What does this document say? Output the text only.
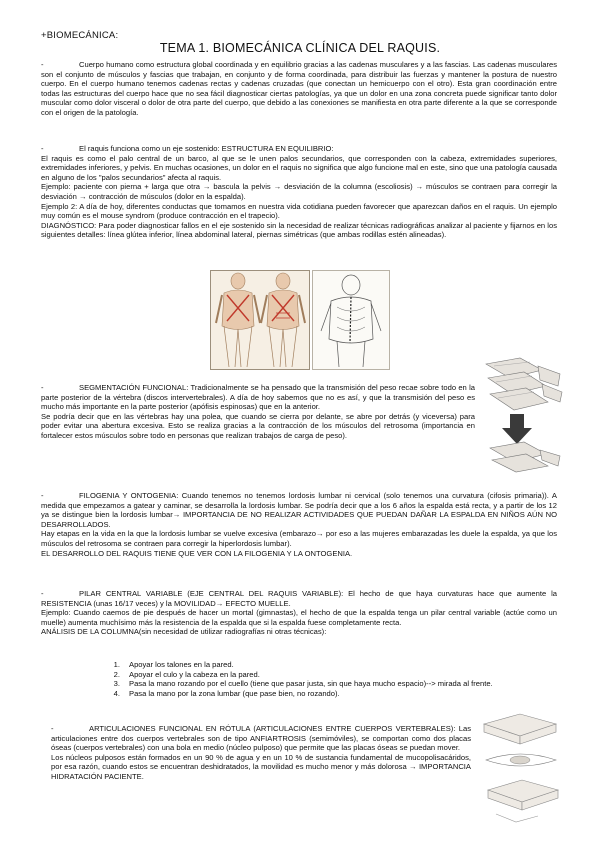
+BIOMECÁNICA:
TEMA 1. BIOMECÁNICA CLÍNICA DEL RAQUIS.

-	Cuerpo humano como estructura global coordinada y en equilibrio gracias a las cadenas musculares y a las fascias. Las cadenas musculares son el conjunto de músculos y fascias que trabajan, en conjunto y de forma coordinada, para distribuir las fuerzas y mantener la postura de nuestro cuerpo. En el cuerpo humano tenemos cadenas rectas y cadenas cruzadas (que conectan un hemicuerpo con el otro). Esta gran coordinación entre todas las estructuras del cuerpo hace que no sea fácil diagnosticar ciertas patologías, ya que un dolor en una zona concreta puede significar tanto dolor muscular como dolor visceral o dolor de otra parte del cuerpo, que debido a las conexiones se manifiesta en otra parte diferente a la que se corresponde con el origen de la patología.

-	El raquis funciona como un eje sostenido: ESTRUCTURA EN EQUILIBRIO:

El raquis es como el palo central de un barco, al que se le unen palos secundarios, que corresponden con la cabeza, extremidades superiores, extremidades inferiores, y pelvis. En muchas ocasiones, un dolor en el raquis no significa que algo funcione mal en este, sino que una patología causada en alguno de los "palos secundarios" afecta al raquis.

Ejemplo: paciente con pierna + larga que otra → bascula la pelvis → desviación de la columna (escoliosis) → músculos se contraen para corregir la desviación → contracción de músculos (dolor en la espalda).

Ejemplo 2: A día de hoy, diferentes conductas que tomamos en nuestra vida cotidiana pueden favorecer que aparezcan daños en el raquis. Un ejemplo muy común es el mouse syndrom (produce contracción en el trapecio).

DIAGNÓSTICO: Para poder diagnosticar fallos en el eje sostenido sin la necesidad de realizar técnicas radiográficas analizar al paciente y fijarnos en los siguientes detalles: línea glútea inferior, línea abdominal lateral, piernas simétricas (que ambas rodillas estén alineadas).

-	SEGMENTACIÓN FUNCIONAL: Tradicionalmente se ha pensado que la transmisión del peso recae sobre todo en la parte posterior de la vértebra (discos intervertebrales). A día de hoy sabemos que no es así, y que la transmisión del peso es mucho más importante en la parte posterior (apófisis espinosas) que en la anterior.

Se podría decir que en las vértebras hay una polea, que cuando se cierra por delante, se abre por detrás (y viceversa) para poder evitar una abertura excesiva. Esto se realiza gracias a la contracción de los músculos del retrosoma (importancia en fortalecer estos músculos sobre todo en personas que realizan trabajos de carga de peso).

-	FILOGENIA Y ONTOGENIA: Cuando tenemos no tenemos lordosis lumbar ni cervical (solo tenemos una curvatura (cifosis primaria)). A medida que empezamos a gatear y caminar, se desarrolla la lordosis lumbar. Se podría decir que a los 6 años la espalda está recta, y a partir de los 12 ya se distingue bien la lordosis lumbar→ IMPORTANCIA DE NO REALIZAR ACTIVIDADES QUE PUEDAN DAÑAR LA ESPALDA EN NIÑOS AÚN NO DESARROLLADOS.

Hay etapas en la vida en la que la lordosis lumbar se vuelve excesiva (embarazo→ por eso a las mujeres embarazadas les duele la espalda, ya que los músculos del retrosoma se contraen para corregir la hiperlordosis lumbar).

EL DESARROLLO DEL RAQUIS TIENE QUE VER CON LA FILOGENIA Y LA ONTOGENIA.

-	PILAR CENTRAL VARIABLE (EJE CENTRAL DEL RAQUIS VARIABLE): El hecho de que haya curvaturas hace que aumente la RESISTENCIA (unas 16/17 veces) y la MOVILIDAD→ EFECTO MUELLE.

Ejemplo: Cuando caemos de pie después de hacer un mortal (gimnastas), el hecho de que la espalda tenga un pilar central variable (actúe como un muelle) aumenta muchísimo más la resistencia de la espalda que si la espalda fuese completamente recta.

ANÁLISIS DE LA COLUMNA(sin necesidad de utilizar radiografías ni otras técnicas):

1.	Apoyar los talones en la pared.
2.	Apoyar el culo y la cabeza en la pared.
3.	Pasa la mano rozando por el cuello (tiene que pasar justa, sin que haya mucho espacio)--> mirada al frente.
4.	Pasa la mano por la zona lumbar (que pase bien, no rozando).

-	ARTICULACIONES FUNCIONAL EN RÓTULA (ARTICULACIONES ENTRE CUERPOS VERTEBRALES): Las articulaciones entre dos cuerpos vertebrales son de tipo ANFIARTROSIS (semimóviles), se comportan como dos placas óseas (cuerpos vertebrales) con una bola en medio (núcleo pulposo) que permite que las placas óseas se puedan mover.

Los núcleos pulposos están formados en un 90 % de agua y en un 10 % de sustancia fundamental de mucopolisacáridos, por esa razón, cuando estos se encuentran deshidratados, la movilidad es mucho menor y más dolorosa → IMPORTANCIA HIDRATACIÓN PACIENTE.
